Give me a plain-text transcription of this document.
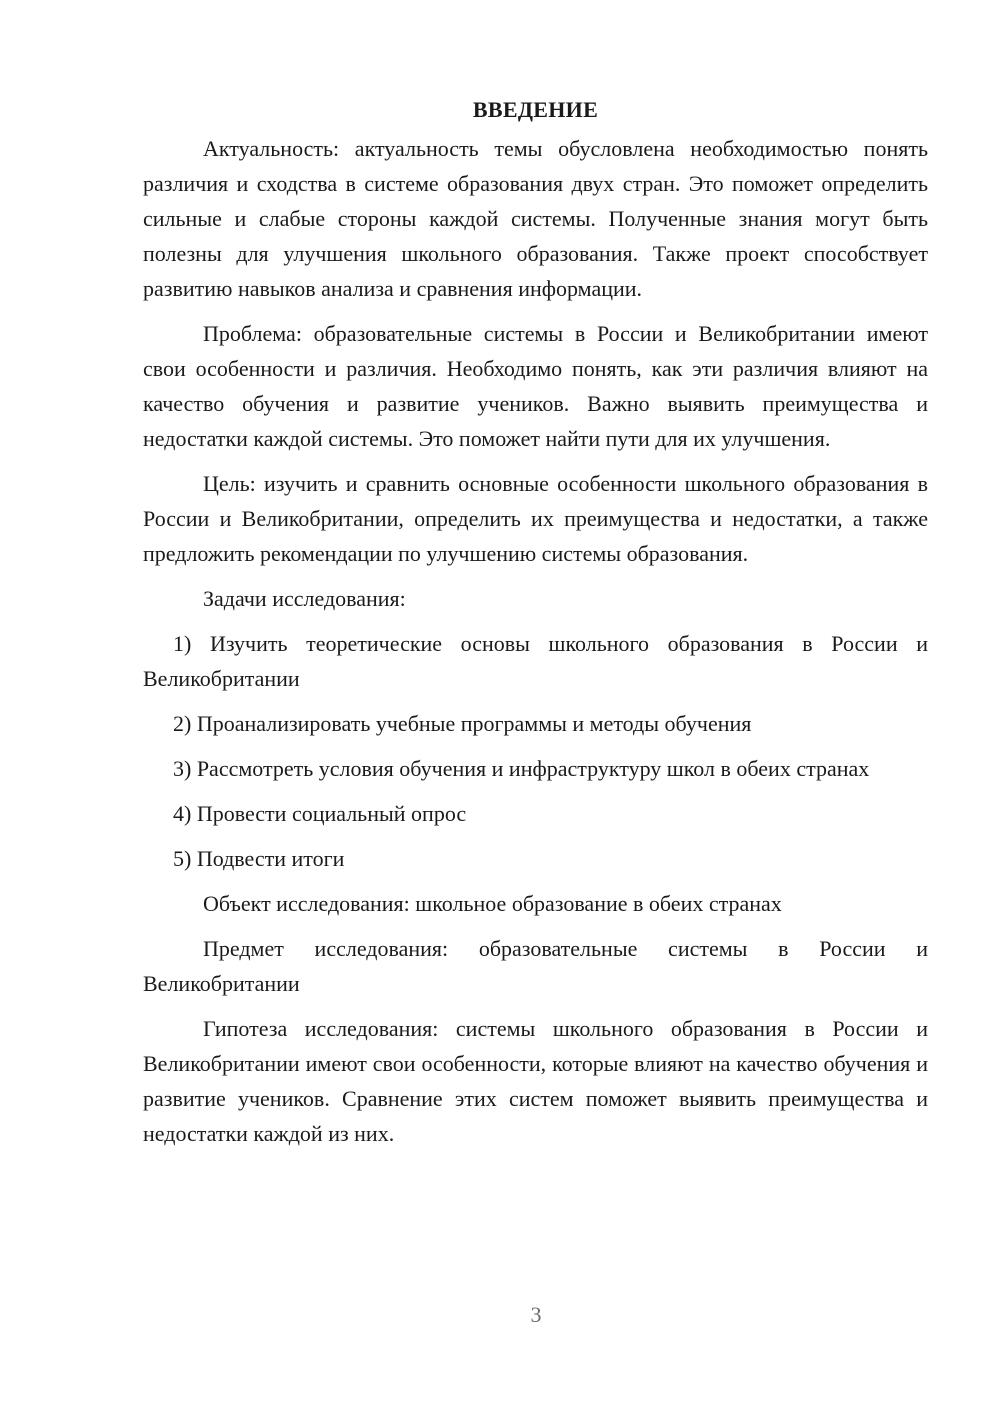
ВВЕДЕНИЕ

Актуальность: актуальность темы обусловлена необходимостью понять различия и сходства в системе образования двух стран. Это поможет определить сильные и слабые стороны каждой системы. Полученные знания могут быть полезны для улучшения школьного образования. Также проект способствует развитию навыков анализа и сравнения информации.

Проблема: образовательные системы в России и Великобритании имеют свои особенности и различия. Необходимо понять, как эти различия влияют на качество обучения и развитие учеников. Важно выявить преимущества и недостатки каждой системы. Это поможет найти пути для их улучшения.

Цель: изучить и сравнить основные особенности школьного образования в России и Великобритании, определить их преимущества и недостатки, а также предложить рекомендации по улучшению системы образования.

Задачи исследования:

1) Изучить теоретические основы школьного образования в России и Великобритании

2) Проанализировать учебные программы и методы обучения

3) Рассмотреть условия обучения и инфраструктуру школ в обеих странах

4) Провести социальный опрос

5) Подвести итоги

Объект исследования: школьное образование в обеих странах

Предмет исследования: образовательные системы в России и Великобритании

Гипотеза исследования: системы школьного образования в России и Великобритании имеют свои особенности, которые влияют на качество обучения и развитие учеников. Сравнение этих систем поможет выявить преимущества и недостатки каждой из них.

3
